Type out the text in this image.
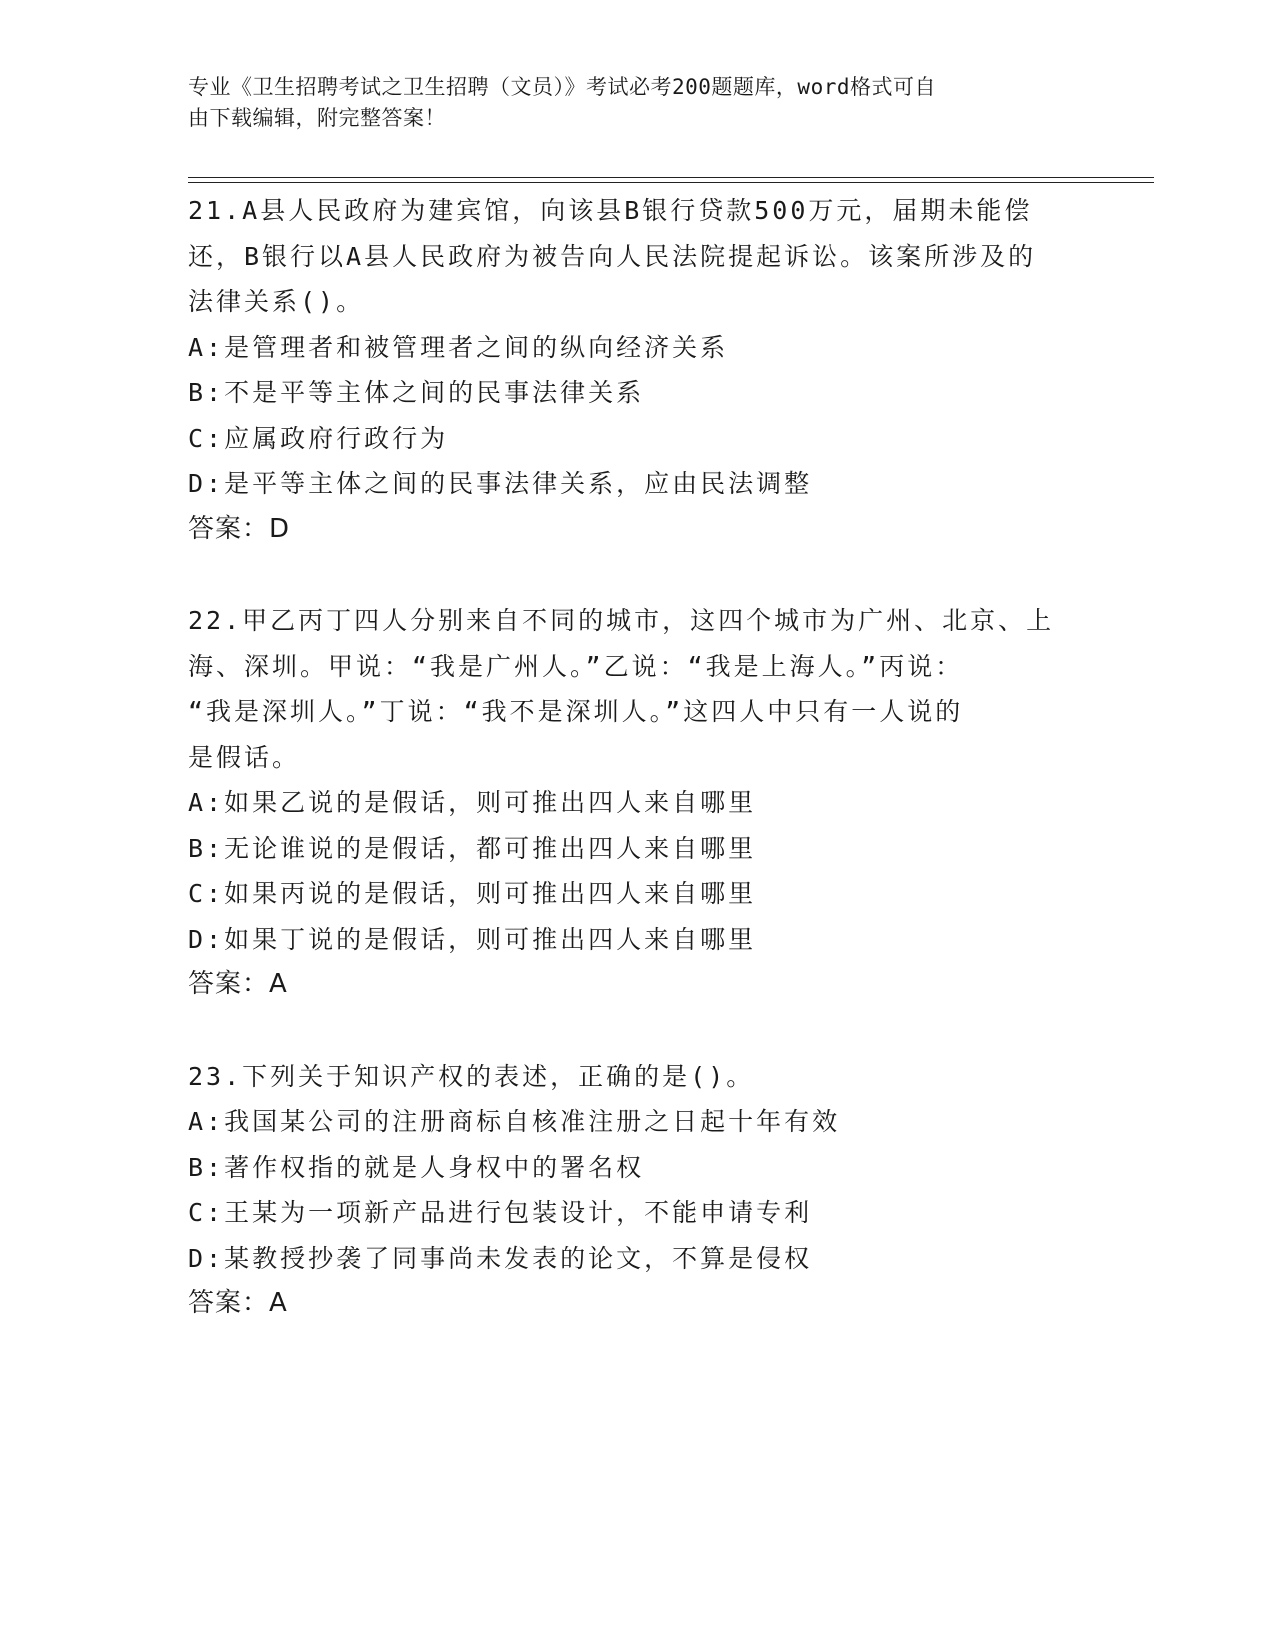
专业《卫生招聘考试之卫生招聘（文员）》考试必考200题题库，word格式可自
由下载编辑，附完整答案！
21.A县人民政府为建宾馆，向该县B银行贷款500万元，届期未能偿
还，B银行以A县人民政府为被告向人民法院提起诉讼。该案所涉及的
法律关系()。
A:是管理者和被管理者之间的纵向经济关系
B:不是平等主体之间的民事法律关系
C:应属政府行政行为
D:是平等主体之间的民事法律关系，应由民法调整
答案：D
22.甲乙丙丁四人分别来自不同的城市，这四个城市为广州、北京、上
海、深圳。甲说：“我是广州人。”乙说：“我是上海人。”丙说：
“我是深圳人。”丁说：“我不是深圳人。”这四人中只有一人说的
是假话。
A:如果乙说的是假话，则可推出四人来自哪里
B:无论谁说的是假话，都可推出四人来自哪里
C:如果丙说的是假话，则可推出四人来自哪里
D:如果丁说的是假话，则可推出四人来自哪里
答案：A
23.下列关于知识产权的表述，正确的是()。
A:我国某公司的注册商标自核准注册之日起十年有效
B:著作权指的就是人身权中的署名权
C:王某为一项新产品进行包装设计，不能申请专利
D:某教授抄袭了同事尚未发表的论文，不算是侵权
答案：A
